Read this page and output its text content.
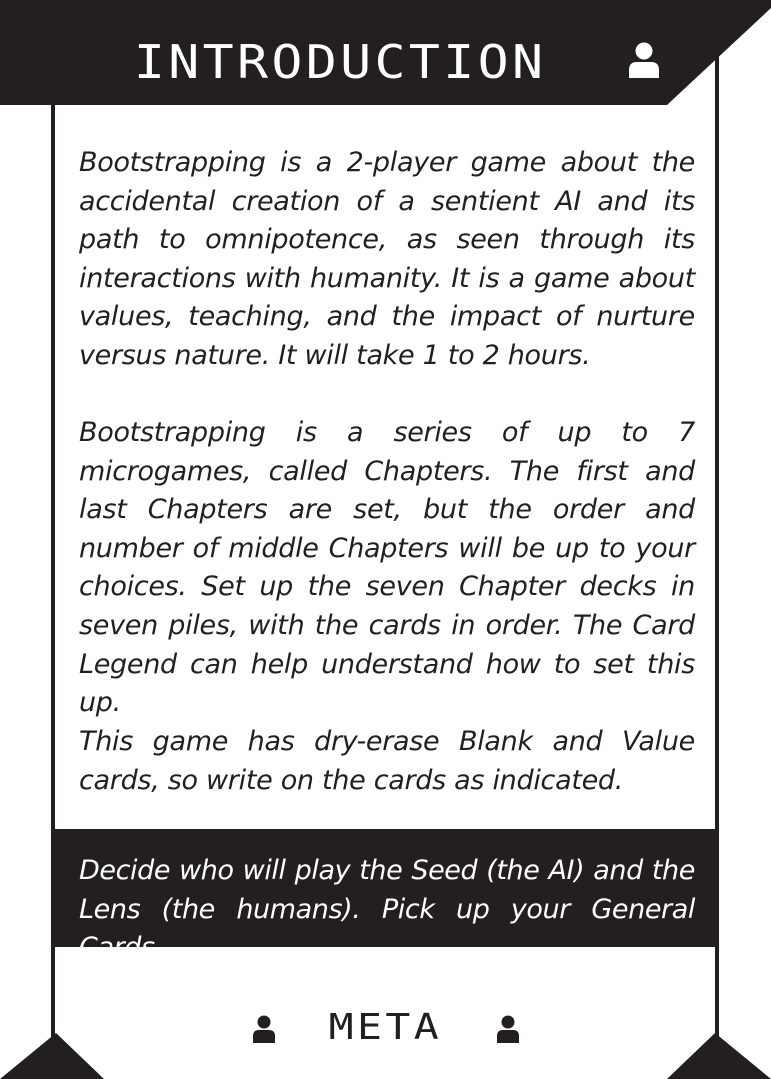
INTRODUCTION

Bootstrapping is a 2-player game about the accidental creation of a sentient AI and its path to omnipotence, as seen through its interactions with humanity. It is a game about values, teaching, and the impact of nurture versus nature. It will take 1 to 2 hours.

Bootstrapping is a series of up to 7 microgames, called Chapters. The first and last Chapters are set, but the order and number of middle Chapters will be up to your choices. Set up the seven Chapter decks in seven piles, with the cards in order. The Card Legend can help understand how to set this up.

This game has dry-erase Blank and Value cards, so write on the cards as indicated.

Decide who will play the Seed (the AI) and the Lens (the humans). Pick up your General Cards.

META
